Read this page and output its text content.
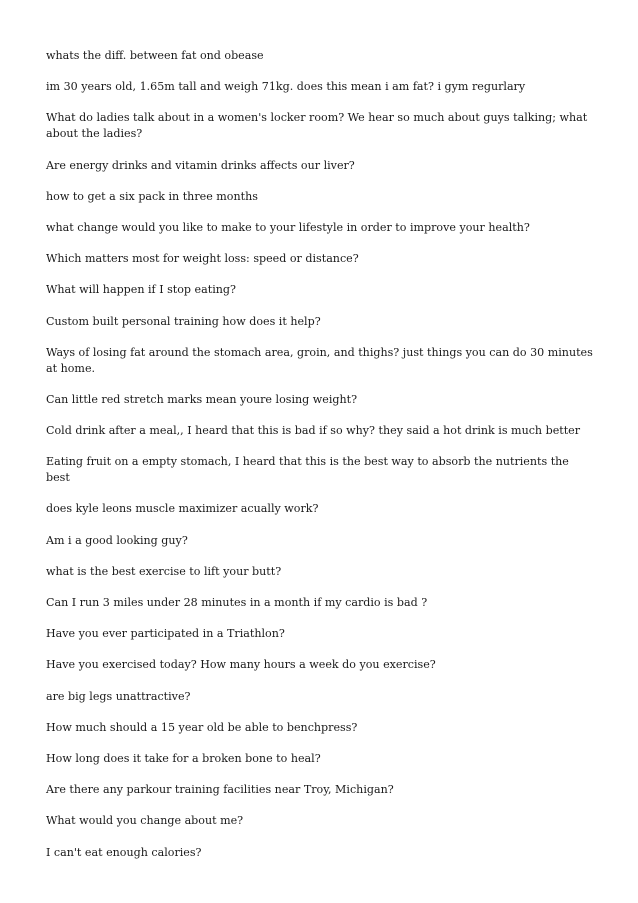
whats the diff. between fat ond obease
im 30 years old, 1.65m tall and weigh 71kg. does this mean i am fat? i gym regurlary
What do ladies talk about in a women's locker room? We hear so much about guys talking; what about the ladies?
Are energy drinks and vitamin drinks affects our liver?
how to get a six pack in three months
what change would you like to make to your lifestyle in order to improve your health?
Which matters most for weight loss: speed or distance?
What will happen if I stop eating?
Custom built personal training how does it help?
Ways of losing fat around the stomach area, groin, and thighs? just things you can do 30 minutes at home.
Can little red stretch marks mean youre losing weight?
Cold drink after a meal,, I heard that this is bad if so why? they said a hot drink is much better
Eating fruit on a empty stomach, I heard that this is the best way to absorb the nutrients the best
does kyle leons muscle maximizer acually work?
Am i a good looking guy?
what is the best exercise to lift your butt?
Can I run 3 miles under 28 minutes in a month if my cardio is bad ?
Have you ever participated in a Triathlon?
Have you exercised today? How many hours a week do you exercise?
are big legs unattractive?
How much should a 15 year old be able to benchpress?
How long does it take for a broken bone to heal?
Are there any parkour training facilities near Troy, Michigan?
What would you change about me?
I can't eat enough calories?
